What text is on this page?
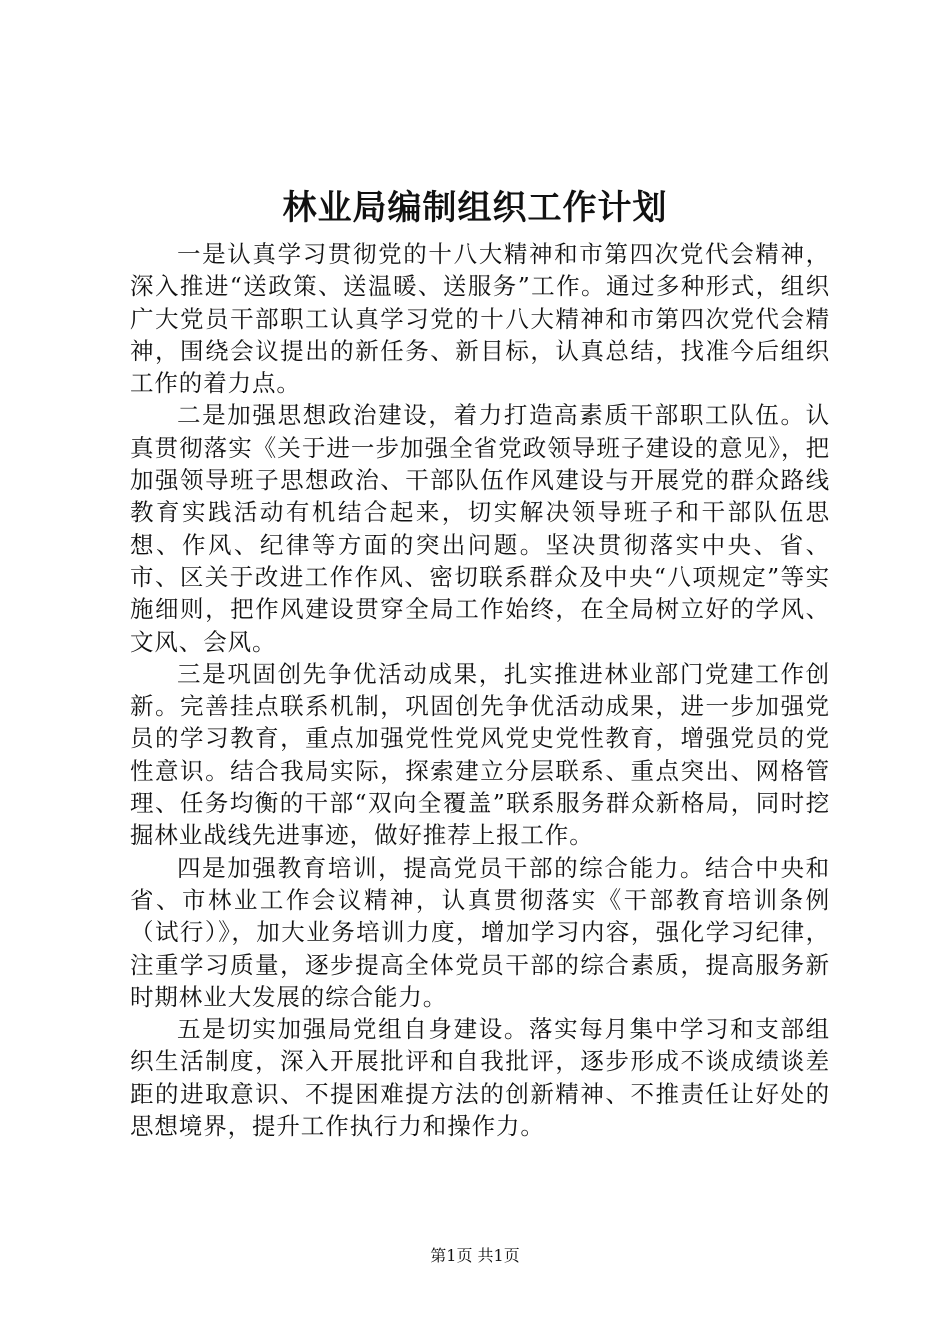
林业局编制组织工作计划

一是认真学习贯彻党的十八大精神和市第四次党代会精神，深入推进“送政策、送温暖、送服务”工作。通过多种形式，组织广大党员干部职工认真学习党的十八大精神和市第四次党代会精神，围绕会议提出的新任务、新目标，认真总结，找准今后组织工作的着力点。

二是加强思想政治建设，着力打造高素质干部职工队伍。认真贯彻落实《关于进一步加强全省党政领导班子建设的意见》，把加强领导班子思想政治、干部队伍作风建设与开展党的群众路线教育实践活动有机结合起来，切实解决领导班子和干部队伍思想、作风、纪律等方面的突出问题。坚决贯彻落实中央、省、市、区关于改进工作作风、密切联系群众及中央“八项规定”等实施细则，把作风建设贯穿全局工作始终，在全局树立好的学风、文风、会风。

三是巩固创先争优活动成果，扎实推进林业部门党建工作创新。完善挂点联系机制，巩固创先争优活动成果，进一步加强党员的学习教育，重点加强党性党风党史党性教育，增强党员的党性意识。结合我局实际，探索建立分层联系、重点突出、网格管理、任务均衡的干部“双向全覆盖”联系服务群众新格局，同时挖掘林业战线先进事迹，做好推荐上报工作。

四是加强教育培训，提高党员干部的综合能力。结合中央和省、市林业工作会议精神，认真贯彻落实《干部教育培训条例（试行）》，加大业务培训力度，增加学习内容，强化学习纪律，注重学习质量，逐步提高全体党员干部的综合素质，提高服务新时期林业大发展的综合能力。

五是切实加强局党组自身建设。落实每月集中学习和支部组织生活制度，深入开展批评和自我批评，逐步形成不谈成绩谈差距的进取意识、不提困难提方法的创新精神、不推责任让好处的思想境界，提升工作执行力和操作力。

第1页 共1页
